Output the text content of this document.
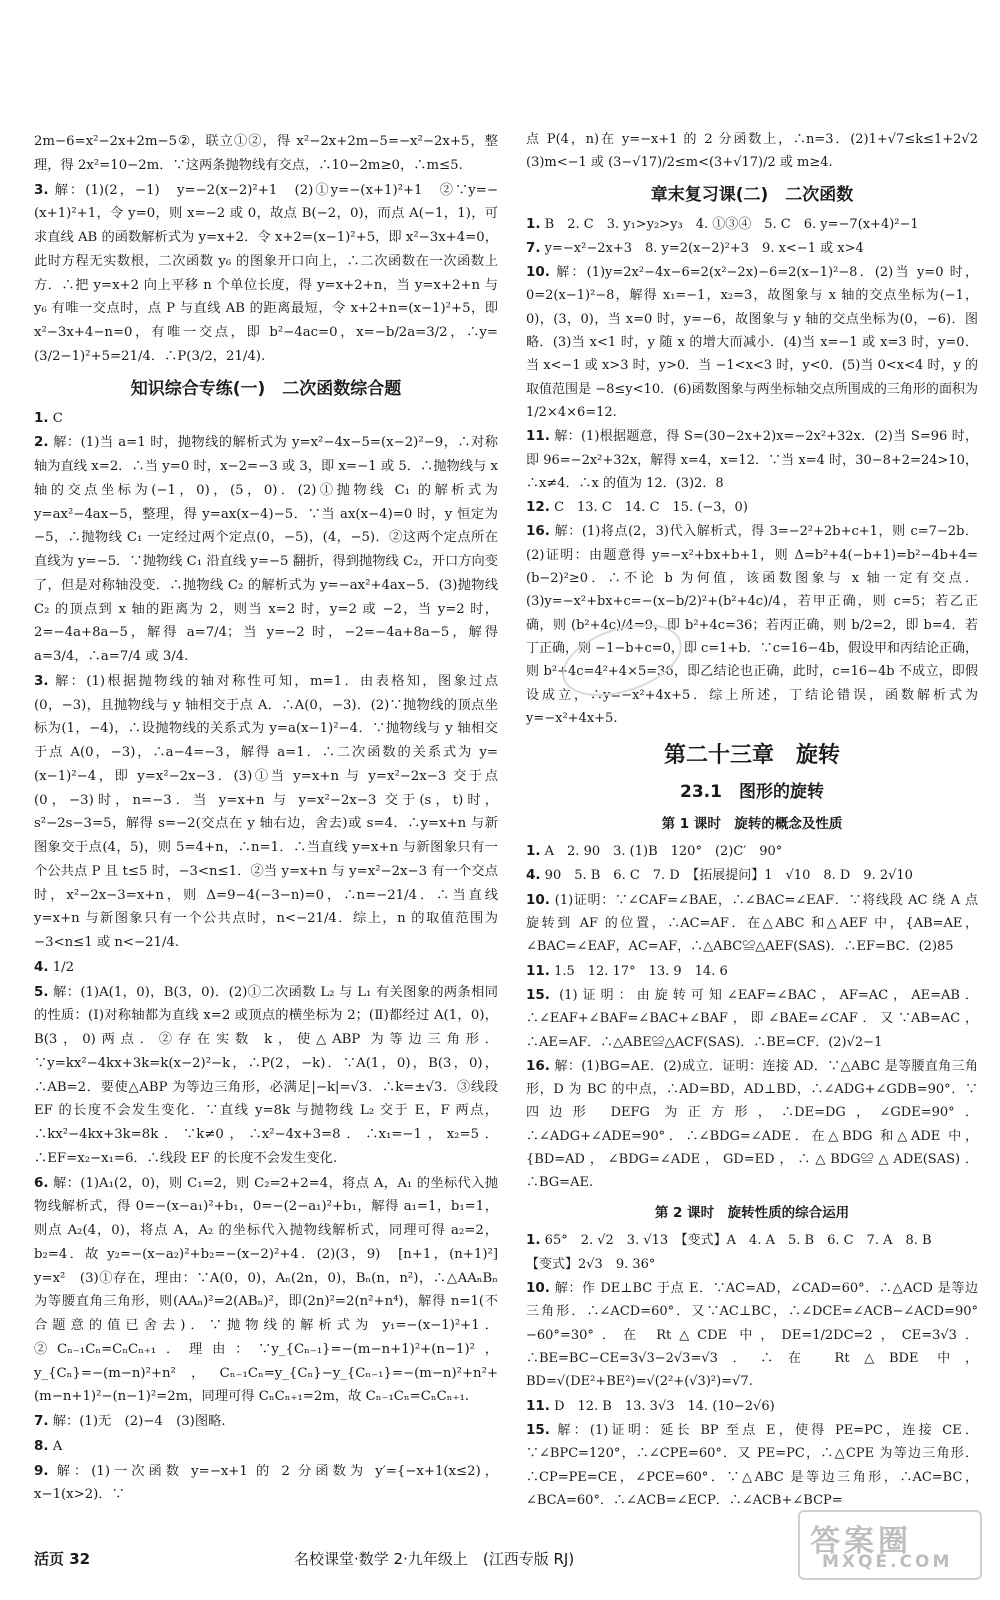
2m−6=x²−2x+2m−5②，联立①②，得 x²−2x+2m−5=−x²−2x+5，整理，得 2x²=10−2m．∵这两条抛物线有交点，∴10−2m≥0，∴m≤5.
3. 解：(1)(2，−1)　y=−2(x−2)²+1　(2)①y=−(x+1)²+1　②∵y=−(x+1)²+1，令 y=0，则 x=−2 或 0，故点 B(−2，0)，而点 A(−1，1)，可求直线 AB 的函数解析式为 y=x+2．令 x+2=(x−1)²+5，即 x²−3x+4=0，此时方程无实数根，二次函数 y₆ 的图象开口向上，∴二次函数在一次函数上方．∴把 y=x+2 向上平移 n 个单位长度，得 y=x+2+n，当 y=x+2+n 与 y₆ 有唯一交点时，点 P 与直线 AB 的距离最短，令 x+2+n=(x−1)²+5，即 x²−3x+4−n=0，有唯一交点，即 b²−4ac=0，x=−b/2a=3/2，∴y=(3/2−1)²+5=21/4．∴P(3/2，21/4).
知识综合专练(一)　二次函数综合题
1. C
2. 解：(1)当 a=1 时，抛物线的解析式为 y=x²−4x−5=(x−2)²−9，∴对称轴为直线 x=2．∴当 y=0 时，x−2=−3 或 3，即 x=−1 或 5．∴抛物线与 x 轴的交点坐标为(−1，0)，(5，0)．(2)①抛物线 C₁ 的解析式为 y=ax²−4ax−5，整理，得 y=ax(x−4)−5．∵当 ax(x−4)=0 时，y 恒定为 −5，∴抛物线 C₁ 一定经过两个定点(0，−5)，(4，−5)．②这两个定点所在直线为 y=−5．∵抛物线 C₁ 沿直线 y=−5 翻折，得到抛物线 C₂，开口方向变了，但是对称轴没变．∴抛物线 C₂ 的解析式为 y=−ax²+4ax−5．(3)抛物线 C₂ 的顶点到 x 轴的距离为 2，则当 x=2 时，y=2 或 −2，当 y=2 时，2=−4a+8a−5，解得 a=7/4；当 y=−2 时，−2=−4a+8a−5，解得 a=3/4，∴a=7/4 或 3/4.
3. 解：(1)根据抛物线的轴对称性可知，m=1．由表格知，图象过点(0，−3)，且抛物线与 y 轴相交于点 A．∴A(0，−3)．(2)∵抛物线的顶点坐标为(1，−4)，∴设抛物线的关系式为 y=a(x−1)²−4．∵抛物线与 y 轴相交于点 A(0，−3)，∴a−4=−3，解得 a=1．∴二次函数的关系式为 y=(x−1)²−4，即 y=x²−2x−3．(3)①当 y=x+n 与 y=x²−2x−3 交于点(0，−3)时，n=−3．当 y=x+n 与 y=x²−2x−3 交于(s，t)时，s²−2s−3=5，解得 s=−2(交点在 y 轴右边，舍去)或 s=4．∴y=x+n 与新图象交于点(4，5)，则 5=4+n，∴n=1．∴当直线 y=x+n 与新图象只有一个公共点 P 且 t≤5 时，−3<n≤1．②当 y=x+n 与 y=x²−2x−3 有一个交点时，x²−2x−3=x+n，则 Δ=9−4(−3−n)=0，∴n=−21/4．∴当直线 y=x+n 与新图象只有一个公共点时，n<−21/4．综上，n 的取值范围为 −3<n≤1 或 n<−21/4.
4. 1/2
5. 解：(1)A(1，0)，B(3，0)．(2)①二次函数 L₂ 与 L₁ 有关图象的两条相同的性质：(Ⅰ)对称轴都为直线 x=2 或顶点的横坐标为 2；(Ⅱ)都经过 A(1，0)，B(3，0)两点．②存在实数 k，使△ABP 为等边三角形．∵y=kx²−4kx+3k=k(x−2)²−k，∴P(2，−k)．∵A(1，0)，B(3，0)，∴AB=2．要使△ABP 为等边三角形，必满足|−k|=√3．∴k=±√3．③线段 EF 的长度不会发生变化．∵直线 y=8k 与抛物线 L₂ 交于 E，F 两点，∴kx²−4kx+3k=8k．∵k≠0，∴x²−4x+3=8．∴x₁=−1，x₂=5．∴EF=x₂−x₁=6．∴线段 EF 的长度不会发生变化.
6. 解：(1)A₁(2，0)，则 C₁=2，则 C₂=2+2=4，将点 A，A₁ 的坐标代入抛物线解析式，得 0=−(x−a₁)²+b₁，0=−(2−a₁)²+b₁，解得 a₁=1，b₁=1，则点 A₂(4，0)，将点 A，A₂ 的坐标代入抛物线解析式，同理可得 a₂=2，b₂=4．故 y₂=−(x−a₂)²+b₂=−(x−2)²+4．(2)(3，9)　[n+1，(n+1)²]　y=x²　(3)①存在，理由：∵A(0，0)，Aₙ(2n，0)，Bₙ(n，n²)，∴△AAₙBₙ 为等腰直角三角形，则(AAₙ)²=2(ABₙ)²，即(2n)²=2(n²+n⁴)，解得 n=1(不合题意的值已舍去)．∵抛物线的解析式为 y₁=−(x−1)²+1．②Cₙ₋₁Cₙ=CₙCₙ₊₁．理由：∵y_{Cₙ₋₁}=−(m−n+1)²+(n−1)²，y_{Cₙ}=−(m−n)²+n²，Cₙ₋₁Cₙ=y_{Cₙ}−y_{Cₙ₋₁}=−(m−n)²+n²+(m−n+1)²−(n−1)²=2m，同理可得 CₙCₙ₊₁=2m，故 Cₙ₋₁Cₙ=CₙCₙ₊₁.
7. 解：(1)无　(2)−4　(3)图略.
8. A
9. 解：(1)一次函数 y=−x+1 的 2 分函数为 y′={−x+1(x≤2)，x−1(x>2)．∵
点 P(4，n)在 y=−x+1 的 2 分函数上，∴n=3．(2)1+√7≤k≤1+2√2　(3)m<−1 或 (3−√17)/2≤m<(3+√17)/2 或 m≥4.
章末复习课(二)　二次函数
1. B　2. C　3. y₁>y₂>y₃　4. ①③④　5. C　6. y=−7(x+4)²−1
7. y=−x²−2x+3　8. y=2(x−2)²+3　9. x<−1 或 x>4
10. 解：(1)y=2x²−4x−6=2(x²−2x)−6=2(x−1)²−8．(2)当 y=0 时，0=2(x−1)²−8，解得 x₁=−1，x₂=3，故图象与 x 轴的交点坐标为(−1，0)，(3，0)，当 x=0 时，y=−6，故图象与 y 轴的交点坐标为(0，−6)．图略．(3)当 x<1 时，y 随 x 的增大而减小．(4)当 x=−1 或 x=3 时，y=0．当 x<−1 或 x>3 时，y>0．当 −1<x<3 时，y<0．(5)当 0<x<4 时，y 的取值范围是 −8≤y<10．(6)函数图象与两坐标轴交点所围成的三角形的面积为 1/2×4×6=12.
11. 解：(1)根据题意，得 S=(30−2x+2)x=−2x²+32x．(2)当 S=96 时，即 96=−2x²+32x，解得 x=4，x=12．∵当 x=4 时，30−8+2=24>10，∴x≠4．∴x 的值为 12．(3)2．8
12. C　13. C　14. C　15. (−3，0)
16. 解：(1)将点(2，3)代入解析式，得 3=−2²+2b+c+1，则 c=7−2b．(2)证明：由题意得 y=−x²+bx+b+1，则 Δ=b²+4(−b+1)=b²−4b+4=(b−2)²≥0．∴不论 b 为何值，该函数图象与 x 轴一定有交点．(3)y=−x²+bx+c=−(x−b/2)²+(b²+4c)/4，若甲正确，则 c=5；若乙正确，则 (b²+4c)/4=9，即 b²+4c=36；若丙正确，则 b/2=2，即 b=4．若丁正确，则 −1−b+c=0，即 c=1+b．∵c=16−4b，假设甲和丙结论正确，则 b²+4c=4²+4×5=36，即乙结论也正确，此时，c=16−4b 不成立，即假设成立，∴y=−x²+4x+5．综上所述，丁结论错误，函数解析式为 y=−x²+4x+5.
第二十三章　旋转
23.1　图形的旋转
第 1 课时　旋转的概念及性质
1. A　2. 90　3. (1)B　120°　(2)C′　90°
4. 90　5. B　6. C　7. D　【拓展提问】1　√10　8. D　9. 2√10
10. (1)证明：∵∠CAF=∠BAE，∴∠BAC=∠EAF．∵将线段 AC 绕 A 点旋转到 AF 的位置，∴AC=AF．在△ABC 和△AEF 中，{AB=AE，∠BAC=∠EAF，AC=AF，∴△ABC≌△AEF(SAS)．∴EF=BC．(2)85
11. 1.5　12. 17°　13. 9　14. 6
15. (1)证明：由旋转可知∠EAF=∠BAC，AF=AC，AE=AB．∴∠EAF+∠BAF=∠BAC+∠BAF，即∠BAE=∠CAF．又∵AB=AC，∴AE=AF．∴△ABE≌△ACF(SAS)．∴BE=CF．(2)√2−1
16. 解：(1)BG=AE．(2)成立．证明：连接 AD．∵△ABC 是等腰直角三角形，D 为 BC 的中点，∴AD=BD，AD⊥BD，∴∠ADG+∠GDB=90°．∵四边形 DEFG 为正方形，∴DE=DG，∠GDE=90°．∴∠ADG+∠ADE=90°．∴∠BDG=∠ADE．在△BDG 和△ADE 中，{BD=AD，∠BDG=∠ADE，GD=ED，∴△BDG≌△ADE(SAS)．∴BG=AE.
第 2 课时　旋转性质的综合运用
1. 65°　2. √2　3. √13　【变式】A　4. A　5. B　6. C　7. A　8. B
【变式】2√3　9. 36°
10. 解：作 DE⊥BC 于点 E．∵AC=AD，∠CAD=60°．∴△ACD 是等边三角形．∴∠ACD=60°．又∵AC⊥BC，∴∠DCE=∠ACB−∠ACD=90°−60°=30°．在 Rt△CDE 中，DE=1/2DC=2，CE=3√3．∴BE=BC−CE=3√3−2√3=√3．∴在 Rt△BDE 中，BD=√(DE²+BE²)=√(2²+(√3)²)=√7.
11. D　12. B　13. 3√3　14. (10−2√6)
15. 解：(1)证明：延长 BP 至点 E，使得 PE=PC，连接 CE．∵∠BPC=120°，∴∠CPE=60°．又 PE=PC，∴△CPE 为等边三角形．∴CP=PE=CE，∠PCE=60°．∵△ABC 是等边三角形，∴AC=BC，∠BCA=60°．∴∠ACB=∠ECP．∴∠ACB+∠BCP=
活页 32	名校课堂·数学 2·九年级上　(江西专版 RJ)	答案圈
MXQE.COM
